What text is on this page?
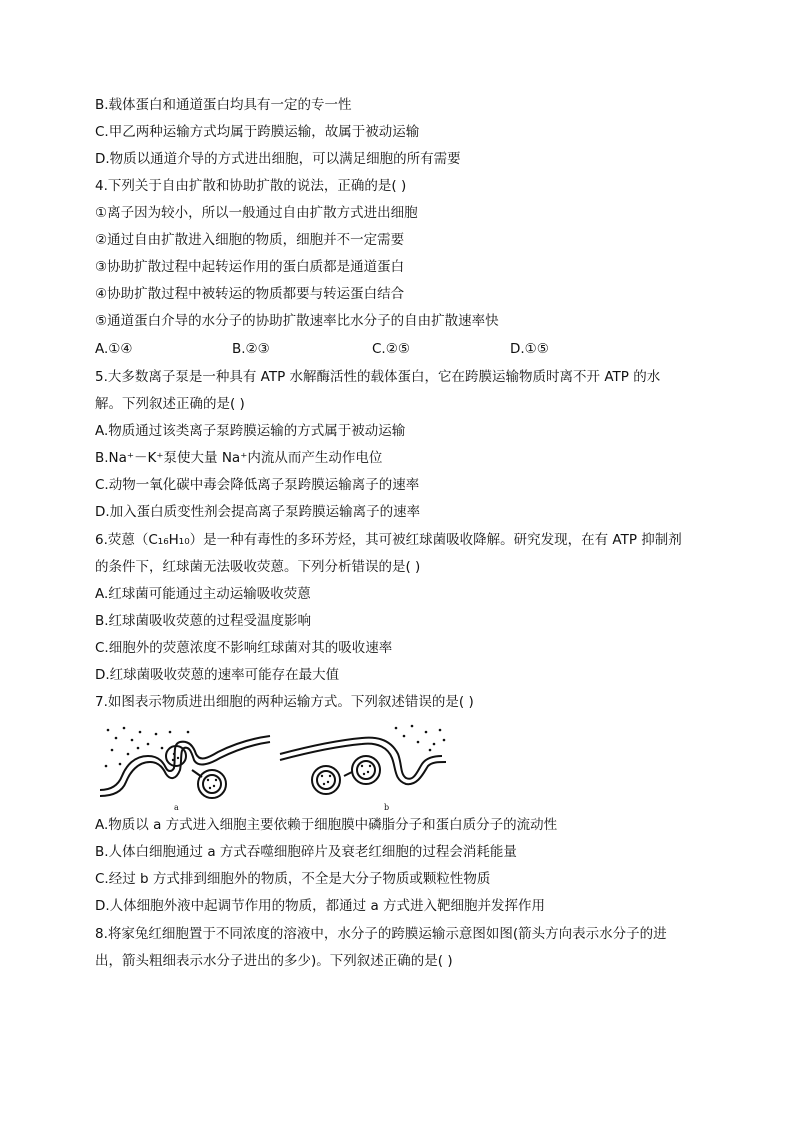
B.载体蛋白和通道蛋白均具有一定的专一性
C.甲乙两种运输方式均属于跨膜运输，故属于被动运输
D.物质以通道介导的方式进出细胞，可以满足细胞的所有需要
4.下列关于自由扩散和协助扩散的说法，正确的是( )
①离子因为较小，所以一般通过自由扩散方式进出细胞
②通过自由扩散进入细胞的物质，细胞并不一定需要
③协助扩散过程中起转运作用的蛋白质都是通道蛋白
④协助扩散过程中被转运的物质都要与转运蛋白结合
⑤通道蛋白介导的水分子的协助扩散速率比水分子的自由扩散速率快
A.①④	B.②③	C.②⑤	D.①⑤
5.大多数离子泵是一种具有 ATP 水解酶活性的载体蛋白，它在跨膜运输物质时离不开 ATP 的水
解。下列叙述正确的是( )
A.物质通过该类离子泵跨膜运输的方式属于被动运输
B.Na⁺－K⁺泵使大量 Na⁺内流从而产生动作电位
C.动物一氧化碳中毒会降低离子泵跨膜运输离子的速率
D.加入蛋白质变性剂会提高离子泵跨膜运输离子的速率
6.荧蒽（C₁₆H₁₀）是一种有毒性的多环芳烃，其可被红球菌吸收降解。研究发现，在有 ATP 抑制剂
的条件下，红球菌无法吸收荧蒽。下列分析错误的是( )
A.红球菌可能通过主动运输吸收荧蒽
B.红球菌吸收荧蒽的过程受温度影响
C.细胞外的荧蒽浓度不影响红球菌对其的吸收速率
D.红球菌吸收荧蒽的速率可能存在最大值
7.如图表示物质进出细胞的两种运输方式。下列叙述错误的是( )
a	b
A.物质以 a 方式进入细胞主要依赖于细胞膜中磷脂分子和蛋白质分子的流动性
B.人体白细胞通过 a 方式吞噬细胞碎片及衰老红细胞的过程会消耗能量
C.经过 b 方式排到细胞外的物质，不全是大分子物质或颗粒性物质
D.人体细胞外液中起调节作用的物质，都通过 a 方式进入靶细胞并发挥作用
8.将家兔红细胞置于不同浓度的溶液中，水分子的跨膜运输示意图如图(箭头方向表示水分子的进
出，箭头粗细表示水分子进出的多少)。下列叙述正确的是( )
